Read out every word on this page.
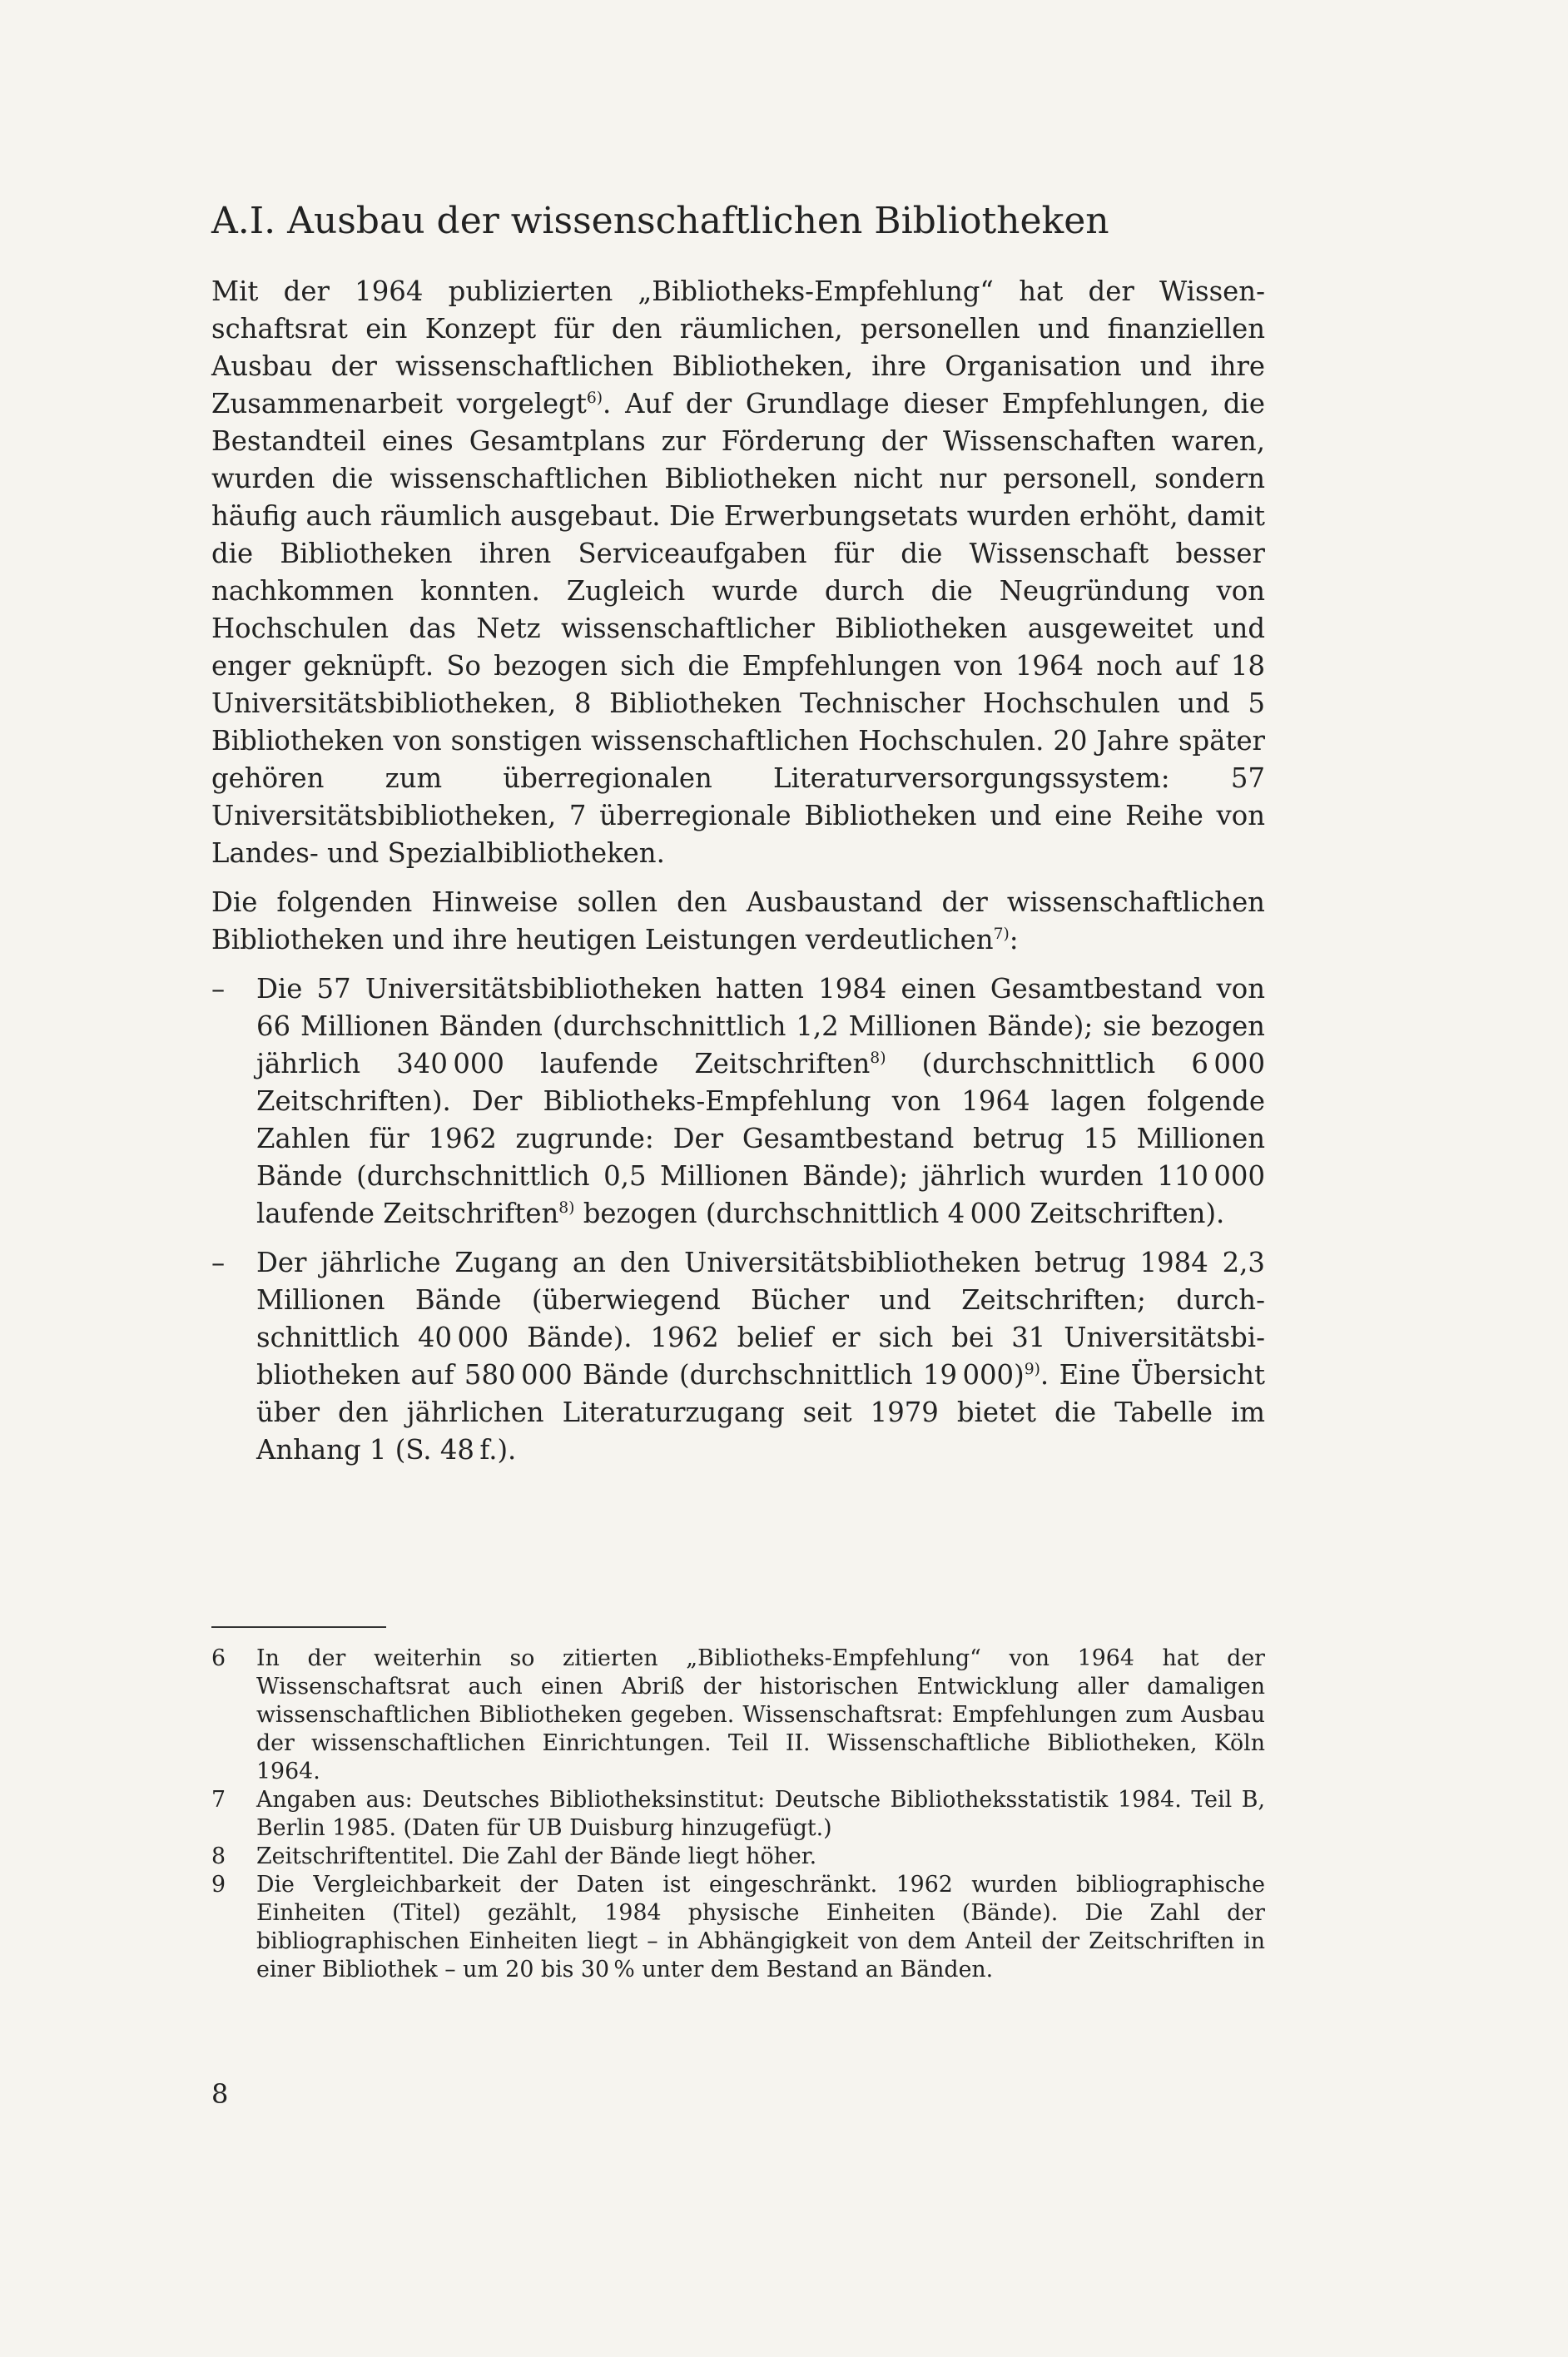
A.I. Ausbau der wissenschaftlichen Bibliotheken

Mit der 1964 publizierten „Bibliotheks-Empfehlung“ hat der Wissenschaftsrat ein Konzept für den räumlichen, personellen und finanziellen Ausbau der wissenschaftlichen Bibliotheken, ihre Organisation und ihre Zusammenarbeit vorgelegt$^{6)}$. Auf der Grundlage dieser Empfehlungen, die Bestandteil eines Gesamtplans zur Förderung der Wissenschaften waren, wurden die wissenschaftlichen Bibliotheken nicht nur personell, sondern häufig auch räumlich ausgebaut. Die Erwerbungsetats wurden erhöht, damit die Bibliotheken ihren Serviceaufgaben für die Wissenschaft besser nachkommen konnten. Zugleich wurde durch die Neugründung von Hochschulen das Netz wissenschaftlicher Bibliotheken ausgeweitet und enger geknüpft. So bezogen sich die Empfehlungen von 1964 noch auf 18 Universitätsbibliotheken, 8 Bibliotheken Technischer Hochschulen und 5 Bibliotheken von sonstigen wissenschaftlichen Hochschulen. 20 Jahre später gehören zum überregionalen Literaturversorgungssystem: 57 Universitätsbibliotheken, 7 überregionale Bibliotheken und eine Reihe von Landes- und Spezialbibliotheken.

Die folgenden Hinweise sollen den Ausbaustand der wissenschaftlichen Bibliotheken und ihre heutigen Leistungen verdeutlichen$^{7)}$:

–	Die 57 Universitätsbibliotheken hatten 1984 einen Gesamtbestand von 66 Millionen Bänden (durchschnittlich 1,2 Millionen Bände); sie bezogen jährlich 340 000 laufende Zeitschriften$^{8)}$ (durchschnittlich 6 000 Zeitschriften). Der Bibliotheks-Empfehlung von 1964 lagen folgende Zahlen für 1962 zugrunde: Der Gesamtbestand betrug 15 Millionen Bände (durchschnittlich 0,5 Millionen Bände); jährlich wurden 110 000 laufende Zeitschriften$^{8)}$ bezogen (durchschnittlich 4 000 Zeitschriften).
–	Der jährliche Zugang an den Universitätsbibliotheken betrug 1984 2,3 Millionen Bände (überwiegend Bücher und Zeitschriften; durchschnittlich 40 000 Bände). 1962 belief er sich bei 31 Universitätsbibliotheken auf 580 000 Bände (durchschnittlich 19 000)$^{9)}$. Eine Übersicht über den jährlichen Literaturzugang seit 1979 bietet die Tabelle im Anhang 1 (S. 48 f.).

6 In der weiterhin so zitierten „Bibliotheks-Empfehlung“ von 1964 hat der Wissenschaftsrat auch einen Abriß der historischen Entwicklung aller damaligen wissenschaftlichen Bibliotheken gegeben. Wissenschaftsrat: Empfehlungen zum Ausbau der wissenschaftlichen Einrichtungen. Teil II. Wissenschaftliche Bibliotheken, Köln 1964.

7 Angaben aus: Deutsches Bibliotheksinstitut: Deutsche Bibliotheksstatistik 1984. Teil B, Berlin 1985. (Daten für UB Duisburg hinzugefügt.)

8 Zeitschriftentitel. Die Zahl der Bände liegt höher.

9 Die Vergleichbarkeit der Daten ist eingeschränkt. 1962 wurden bibliographische Einheiten (Titel) gezählt, 1984 physische Einheiten (Bände). Die Zahl der bibliographischen Einheiten liegt – in Abhängigkeit von dem Anteil der Zeitschriften in einer Bibliothek – um 20 bis 30 % unter dem Bestand an Bänden.

8
